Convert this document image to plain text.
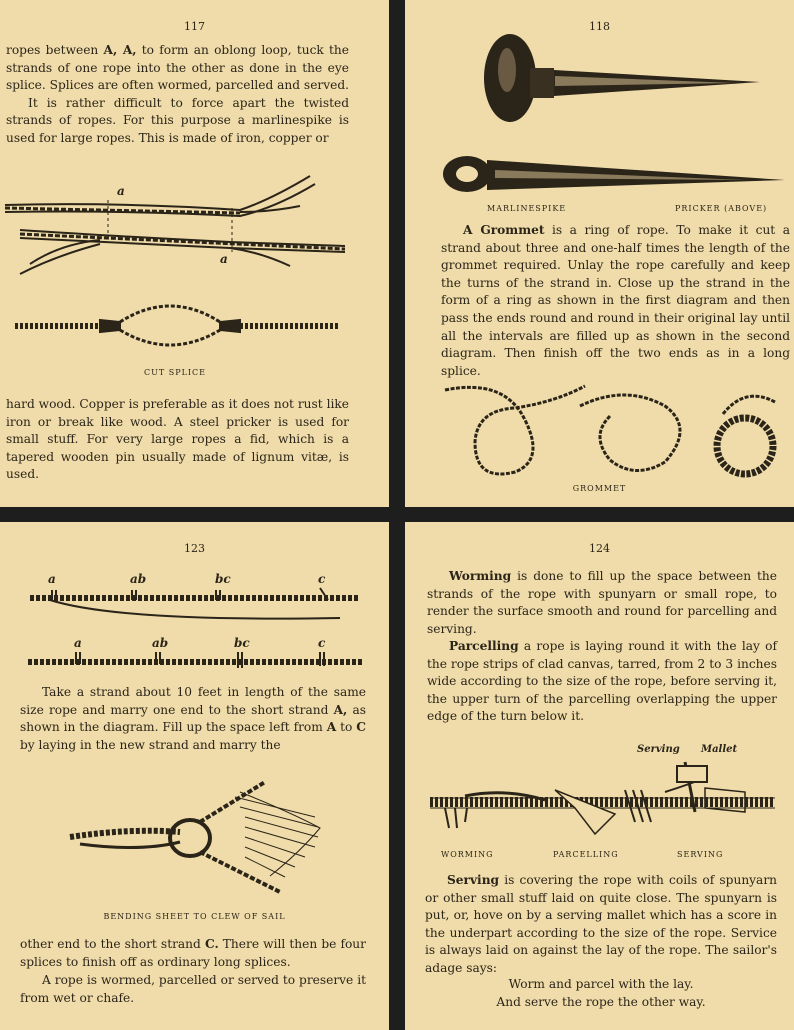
117

ropes between A, A, to form an oblong loop, tuck the strands of one rope into the other as done in the eye splice. Splices are often wormed, parcelled and served.

It is rather difficult to force apart the twisted strands of ropes. For this purpose a marlinespike is used for large ropes. This is made of iron, copper or

a
a
CUT SPLICE
hard wood. Copper is preferable as it does not rust like iron or break like wood. A steel pricker is used for small stuff. For very large ropes a fid, which is a tapered wooden pin usually made of lignum vitæ, is used.
118
MARLINESPIKE	PRICKER (ABOVE)
A Grommet is a ring of rope. To make it cut a strand about three and one-half times the length of the grommet required. Unlay the rope carefully and keep the turns of the strand in. Close up the strand in the form of a ring as shown in the first diagram and then pass the ends round and round in their original lay until all the intervals are filled up as shown in the second diagram. Then finish off the two ends as in a long splice.
GROMMET
123
a	ab	bc	c
a	ab	bc	c
Take a strand about 10 feet in length of the same size rope and marry one end to the short strand A, as shown in the diagram. Fill up the space left from A to C by laying in the new strand and marry the
BENDING SHEET TO CLEW OF SAIL
other end to the short strand C. There will then be four splices to finish off as ordinary long splices.
A rope is wormed, parcelled or served to preserve it from wet or chafe.
124
Worming is done to fill up the space between the strands of the rope with spunyarn or small rope, to render the surface smooth and round for parcelling and serving.
Parcelling a rope is laying round it with the lay of the rope strips of clad canvas, tarred, from 2 to 3 inches wide according to the size of the rope, before serving it, the upper turn of the parcelling overlapping the upper edge of the turn below it.
Serving Mallet
WORMING	PARCELLING	SERVING
Serving is covering the rope with coils of spunyarn or other small stuff laid on quite close. The spunyarn is put, or, hove on by a serving mallet which has a score in the underpart according to the size of the rope. Service is always laid on against the lay of the rope. The sailor's adage says:

Worm and parcel with the lay.

And serve the rope the other way.
